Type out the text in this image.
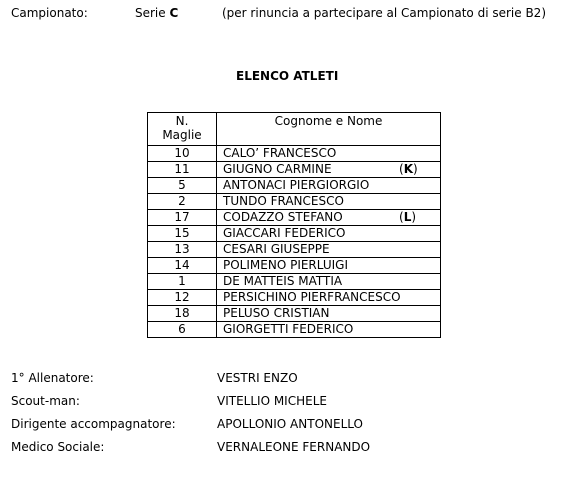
Campionato:	Serie C	(per rinuncia a partecipare al Campionato di serie B2)
ELENCO ATLETI
N.
Maglie	Cognome e Nome
10	CALO’ FRANCESCO
11	GIUGNO CARMINE (K)

5	ANTONACI PIERGIORGIO
2	TUNDO FRANCESCO
17	CODAZZO STEFANO (L)

15	GIACCARI FEDERICO
13	CESARI GIUSEPPE
14	POLIMENO PIERLUIGI
1	DE MATTEIS MATTIA
12	PERSICHINO PIERFRANCESCO
18	PELUSO CRISTIAN
6	GIORGETTI FEDERICO
1° Allenatore:	VESTRI ENZO
Scout-man:	VITELLIO MICHELE
Dirigente accompagnatore:	APOLLONIO ANTONELLO
Medico Sociale:	VERNALEONE FERNANDO
